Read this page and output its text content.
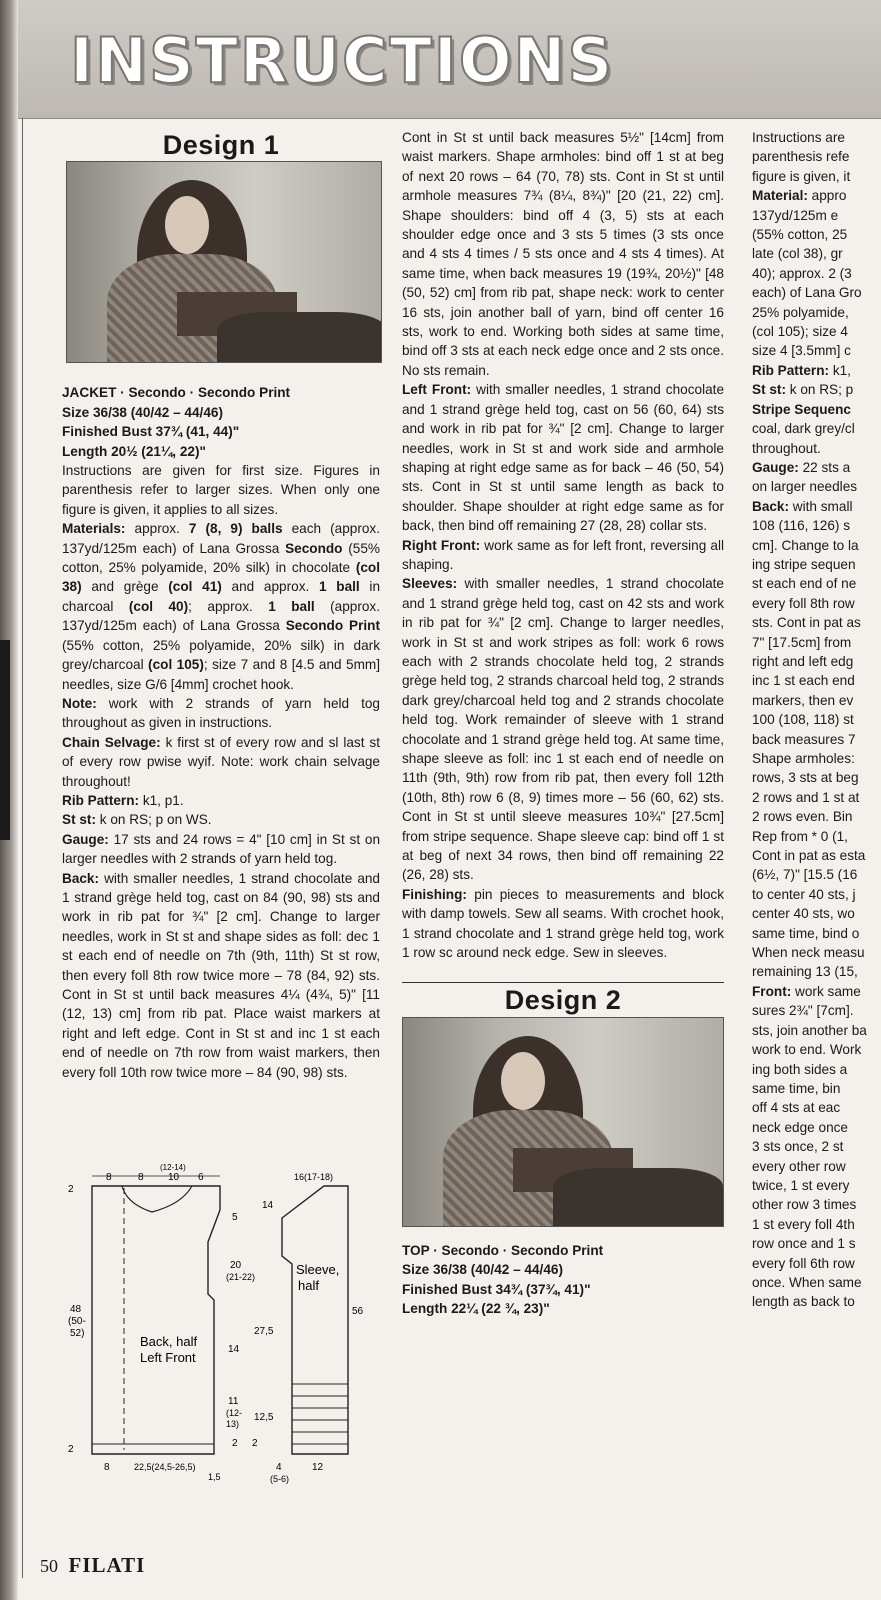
INSTRUCTIONS
Design 1
JACKET · Secondo · Secondo Print
Size 36/38 (40/42 – 44/46)
Finished Bust 37¾ (41, 44)"
Length 20½ (21¼, 22)"

Instructions are given for first size. Figures in parenthesis refer to larger sizes. When only one figure is given, it applies to all sizes.

Materials: approx. 7 (8, 9) balls each (approx. 137yd/125m each) of Lana Grossa Secondo (55% cotton, 25% polyamide, 20% silk) in chocolate (col 38) and grège (col 41) and approx. 1 ball in charcoal (col 40); approx. 1 ball (approx. 137yd/125m each) of Lana Grossa Secondo Print (55% cotton, 25% polyamide, 20% silk) in dark grey/charcoal (col 105); size 7 and 8 [4.5 and 5mm] needles, size G/6 [4mm] crochet hook.

Note: work with 2 strands of yarn held tog throughout as given in instructions.

Chain Selvage: k first st of every row and sl last st of every row pwise wyif. Note: work chain selvage throughout!

Rib Pattern: k1, p1.

St st: k on RS; p on WS.

Gauge: 17 sts and 24 rows = 4" [10 cm] in St st on larger needles with 2 strands of yarn held tog.

Back: with smaller needles, 1 strand chocolate and 1 strand grège held tog, cast on 84 (90, 98) sts and work in rib pat for ¾" [2 cm]. Change to larger needles, work in St st and shape sides as foll: dec 1 st each end of needle on 7th (9th, 11th) St st row, then every foll 8th row twice more – 78 (84, 92) sts. Cont in St st until back measures 4¼ (4¾, 5)" [11 (12, 13) cm] from rib pat. Place waist markers at right and left edge. Cont in St st and inc 1 st each end of needle on 7th row from waist markers, then every foll 10th row twice more – 84 (90, 98) sts.

8	8
(12-14)
10 6
2
48
(50-
52)
2
5
20
(21-22)
14
11
(12-
13)
2
Back, half
Left Front
8	22,5(24,5-26,5)
1,5
16(17-18)
14
27,5
56
12,5
2
4
(5-6)
12
Sleeve,
half

Cont in St st until back measures 5½" [14cm] from waist markers. Shape armholes: bind off 1 st at beg of next 20 rows – 64 (70, 78) sts. Cont in St st until armhole measures 7¾ (8¼, 8¾)" [20 (21, 22) cm]. Shape shoulders: bind off 4 (3, 5) sts at each shoulder edge once and 3 sts 5 times (3 sts once and 4 sts 4 times / 5 sts once and 4 sts 4 times). At same time, when back measures 19 (19¾, 20½)" [48 (50, 52) cm] from rib pat, shape neck: work to center 16 sts, join another ball of yarn, bind off center 16 sts, work to end. Working both sides at same time, bind off 3 sts at each neck edge once and 2 sts once. No sts remain.

Left Front: with smaller needles, 1 strand chocolate and 1 strand grège held tog, cast on 56 (60, 64) sts and work in rib pat for ¾" [2 cm]. Change to larger needles, work in St st and work side and armhole shaping at right edge same as for back – 46 (50, 54) sts. Cont in St st until same length as back to shoulder. Shape shoulder at right edge same as for back, then bind off remaining 27 (28, 28) collar sts.

Right Front: work same as for left front, reversing all shaping.

Sleeves: with smaller needles, 1 strand chocolate and 1 strand grège held tog, cast on 42 sts and work in rib pat for ¾" [2 cm]. Change to larger needles, work in St st and work stripes as foll: work 6 rows each with 2 strands chocolate held tog, 2 strands grège held tog, 2 strands charcoal held tog, 2 strands dark grey/charcoal held tog and 2 strands chocolate held tog. Work remainder of sleeve with 1 strand chocolate and 1 strand grège held tog. At same time, shape sleeve as foll: inc 1 st each end of needle on 11th (9th, 9th) row from rib pat, then every foll 12th (10th, 8th) row 6 (8, 9) times more – 56 (60, 62) sts. Cont in St st until sleeve measures 10¾" [27.5cm] from stripe sequence. Shape sleeve cap: bind off 1 st at beg of next 34 rows, then bind off remaining 22 (26, 28) sts.

Finishing: pin pieces to measurements and block with damp towels. Sew all seams. With crochet hook, 1 strand chocolate and 1 strand grège held tog, work 1 row sc around neck edge. Sew in sleeves.

Design 2
TOP · Secondo · Secondo Print
Size 36/38 (40/42 – 44/46)
Finished Bust 34¾ (37¾, 41)"
Length 22¼ (22 ¾, 23)"

Instructions are

parenthesis refe

figure is given, it

Material: appro

137yd/125m e

(55% cotton, 25

late (col 38), gr

40); approx. 2 (3

each) of Lana Gro

25% polyamide,

(col 105); size 4

size 4 [3.5mm] c

Rib Pattern: k1,

St st: k on RS; p

Stripe Sequenc

coal, dark grey/cl

throughout.

Gauge: 22 sts a

on larger needles

Back: with small

108 (116, 126) s

cm]. Change to la

ing stripe sequen

st each end of ne

every foll 8th row

sts. Cont in pat as

7" [17.5cm] from

right and left edg

inc 1 st each end

markers, then ev

100 (108, 118) st

back measures 7

Shape armholes:

rows, 3 sts at beg

2 rows and 1 st at

2 rows even. Bin

Rep from * 0 (1,

Cont in pat as esta

(6½, 7)" [15.5 (16

to center 40 sts, j

center 40 sts, wo

same time, bind o

When neck measu

remaining 13 (15,

Front: work same

sures 2¾" [7cm].

sts, join another ba

work to end. Work

ing both sides a

same time, bin

off 4 sts at eac

neck edge once

3 sts once, 2 st

every other row

twice, 1 st every

other row 3 times

1 st every foll 4th

row once and 1 s

every foll 6th row

once. When same

length as back to

50 FILATI
